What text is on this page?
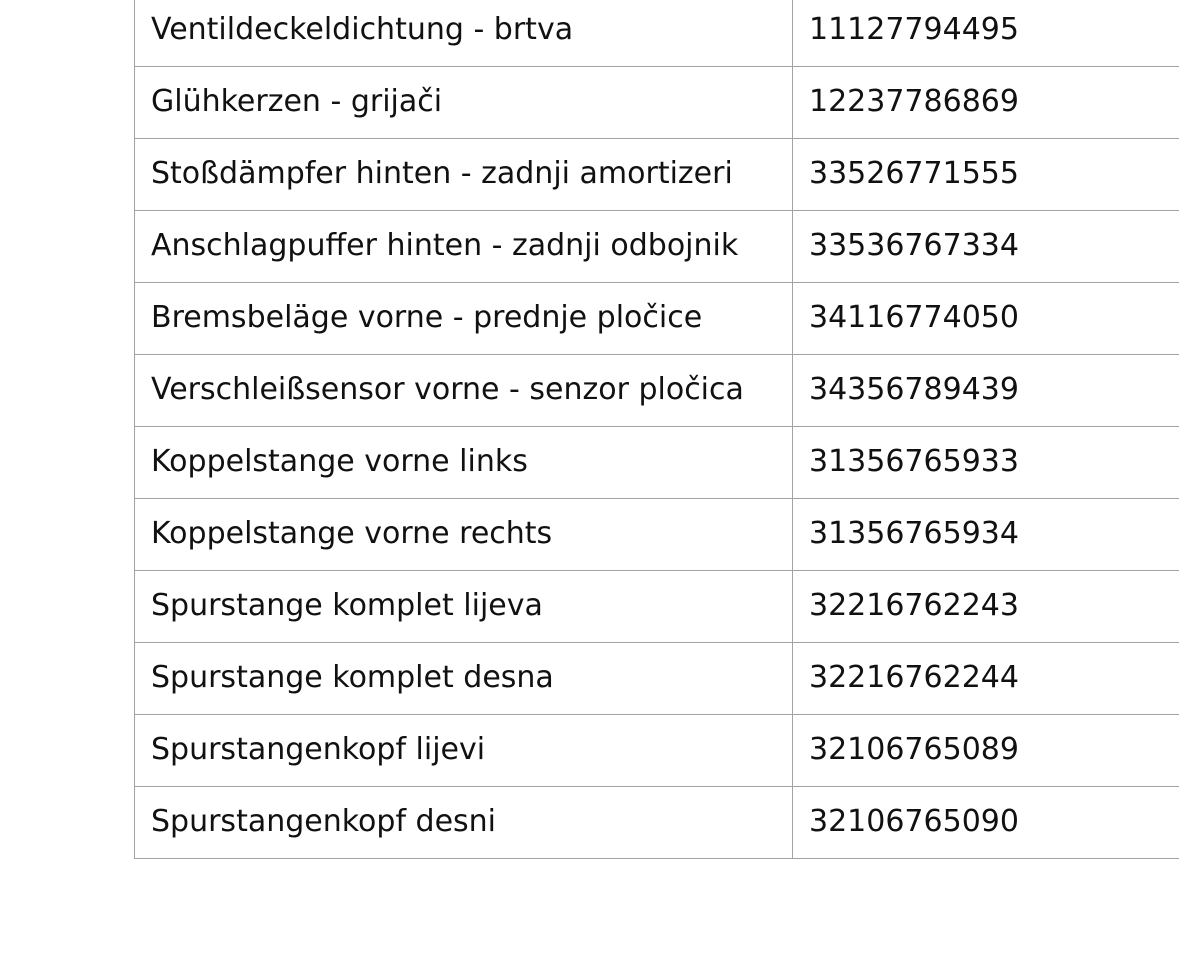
Ventildeckeldichtung - brtva	11127794495
Glühkerzen - grijači	12237786869
Stoßdämpfer hinten - zadnji amortizeri	33526771555
Anschlagpuffer hinten - zadnji odbojnik	33536767334
Bremsbeläge vorne - prednje pločice	34116774050
Verschleißsensor vorne - senzor pločica	34356789439
Koppelstange vorne links	31356765933
Koppelstange vorne rechts	31356765934
Spurstange komplet lijeva	32216762243
Spurstange komplet desna	32216762244
Spurstangenkopf lijevi	32106765089
Spurstangenkopf desni	32106765090
